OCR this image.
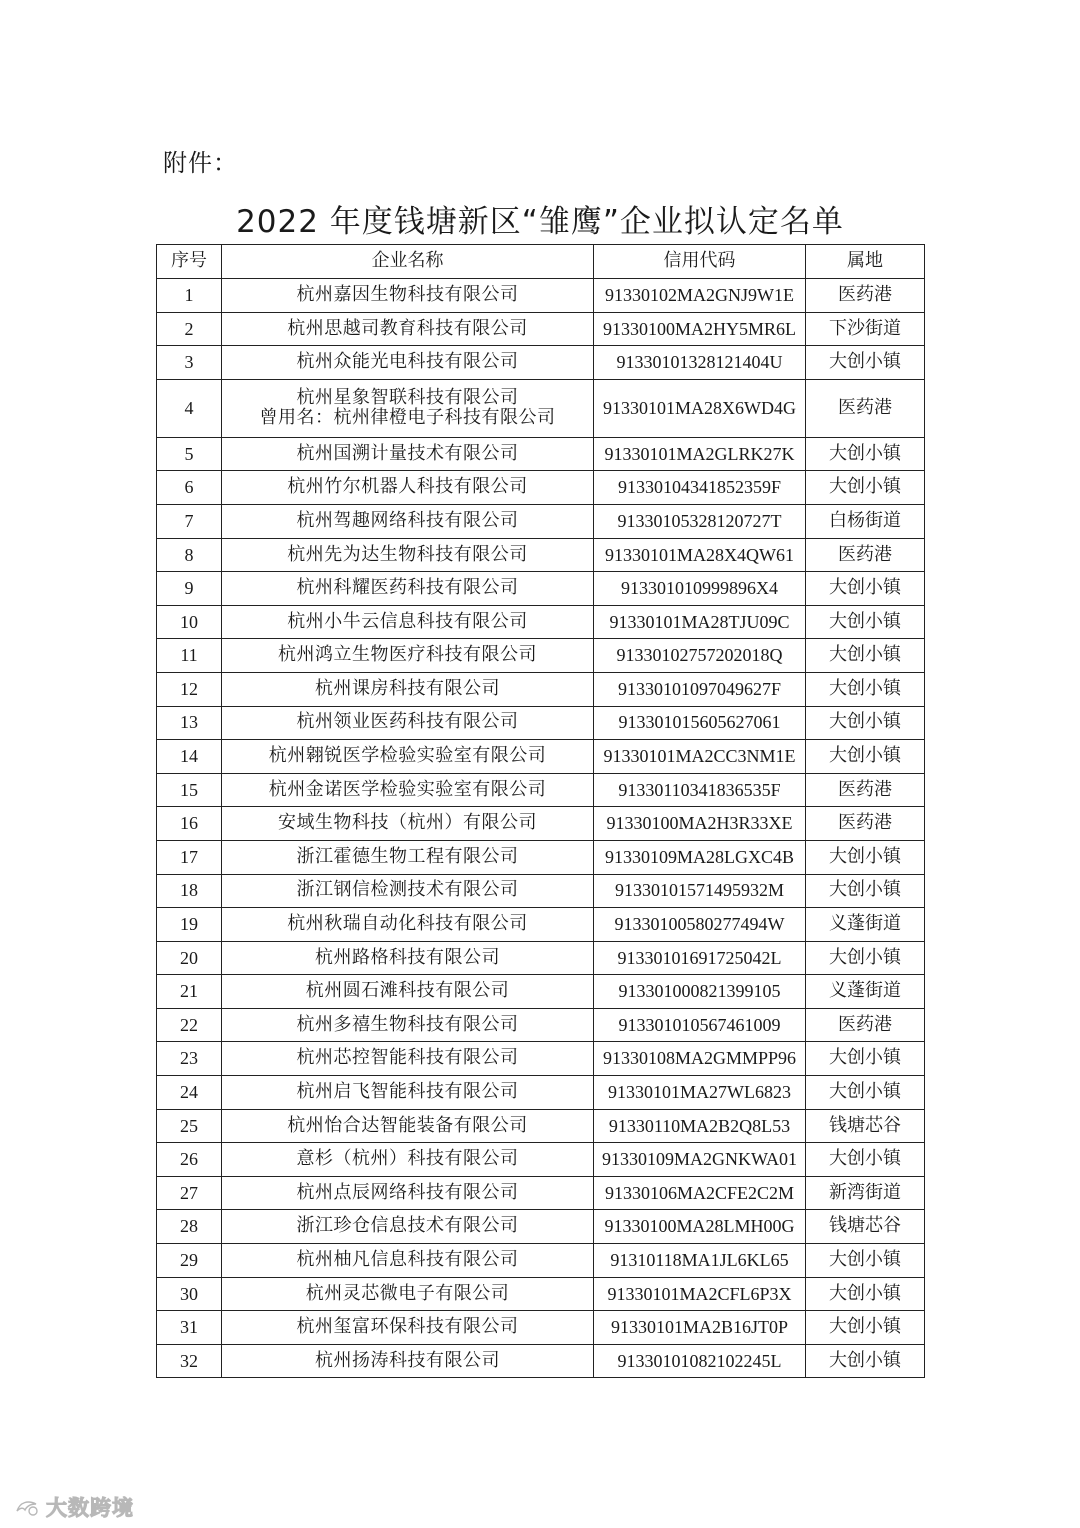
附件：
2022 年度钱塘新区“雏鹰”企业拟认定名单
序号	企业名称	信用代码	属地
1	杭州嘉因生物科技有限公司	91330102MA2GNJ9W1E	医药港
2	杭州思越司教育科技有限公司	91330100MA2HY5MR6L	下沙街道
3	杭州众能光电科技有限公司	91330101328121404U	大创小镇
4	杭州星象智联科技有限公司
曾用名：杭州律橙电子科技有限公司	91330101MA28X6WD4G	医药港
5	杭州国溯计量技术有限公司	91330101MA2GLRK27K	大创小镇
6	杭州竹尔机器人科技有限公司	91330104341852359F	大创小镇
7	杭州驾趣网络科技有限公司	91330105328120727T	白杨街道
8	杭州先为达生物科技有限公司	91330101MA28X4QW61	医药港
9	杭州科耀医药科技有限公司	913301010999896X4	大创小镇
10	杭州小牛云信息科技有限公司	91330101MA28TJU09C	大创小镇
11	杭州鸿立生物医疗科技有限公司	91330102757202018Q	大创小镇
12	杭州课房科技有限公司	91330101097049627F	大创小镇
13	杭州领业医药科技有限公司	913301015605627061	大创小镇
14	杭州翱锐医学检验实验室有限公司	91330101MA2CC3NM1E	大创小镇
15	杭州金诺医学检验实验室有限公司	91330110341836535F	医药港
16	安域生物科技（杭州）有限公司	91330100MA2H3R33XE	医药港
17	浙江霍德生物工程有限公司	91330109MA28LGXC4B	大创小镇
18	浙江钢信检测技术有限公司	91330101571495932M	大创小镇
19	杭州秋瑞自动化科技有限公司	91330100580277494W	义蓬街道
20	杭州路格科技有限公司	91330101691725042L	大创小镇
21	杭州圆石滩科技有限公司	913301000821399105	义蓬街道
22	杭州多禧生物科技有限公司	913301010567461009	医药港
23	杭州芯控智能科技有限公司	91330108MA2GMMPP96	大创小镇
24	杭州启飞智能科技有限公司	91330101MA27WL6823	大创小镇
25	杭州怡合达智能装备有限公司	91330110MA2B2Q8L53	钱塘芯谷
26	意杉（杭州）科技有限公司	91330109MA2GNKWA01	大创小镇
27	杭州点辰网络科技有限公司	91330106MA2CFE2C2M	新湾街道
28	浙江珍仓信息技术有限公司	91330100MA28LMH00G	钱塘芯谷
29	杭州柚凡信息科技有限公司	91310118MA1JL6KL65	大创小镇
30	杭州灵芯微电子有限公司	91330101MA2CFL6P3X	大创小镇
31	杭州玺富环保科技有限公司	91330101MA2B16JT0P	大创小镇
32	杭州扬涛科技有限公司	91330101082102245L	大创小镇
大数跨境
